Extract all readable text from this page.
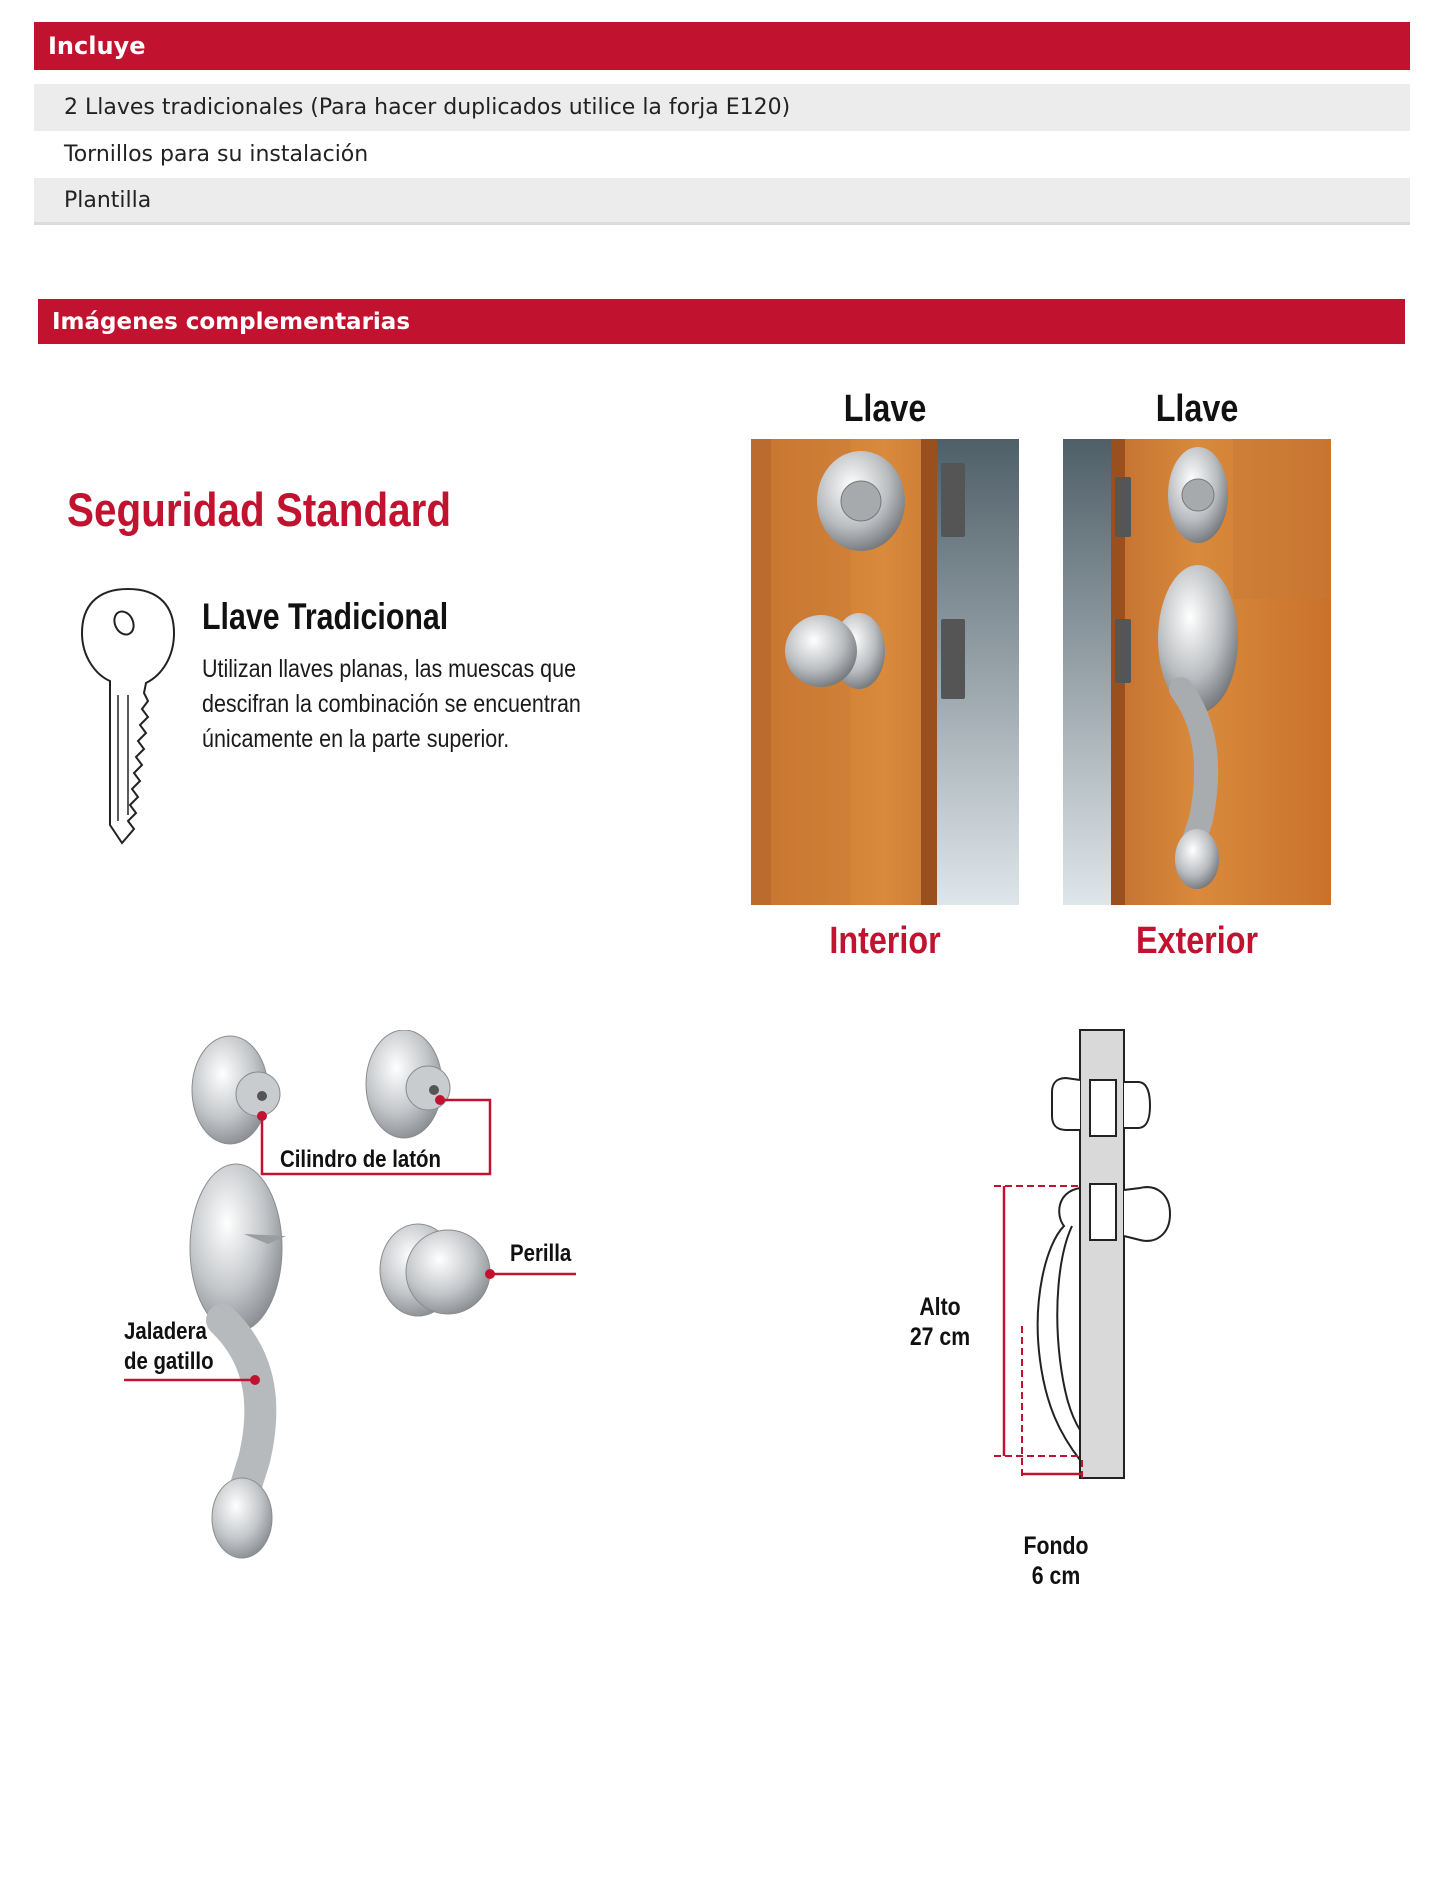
Incluye
2 Llaves tradicionales (Para hacer duplicados utilice la forja E120)
Tornillos para su instalación
Plantilla
Imágenes complementarias
Seguridad Standard
Llave Tradicional
Utilizan llaves planas, las muescas que
descifran la combinación se encuentran
únicamente en la parte superior.
Llave
Interior
Llave
Exterior
Cilindro de latón
Perilla
Jaladera
de gatillo
Alto
27 cm
Fondo
6 cm
